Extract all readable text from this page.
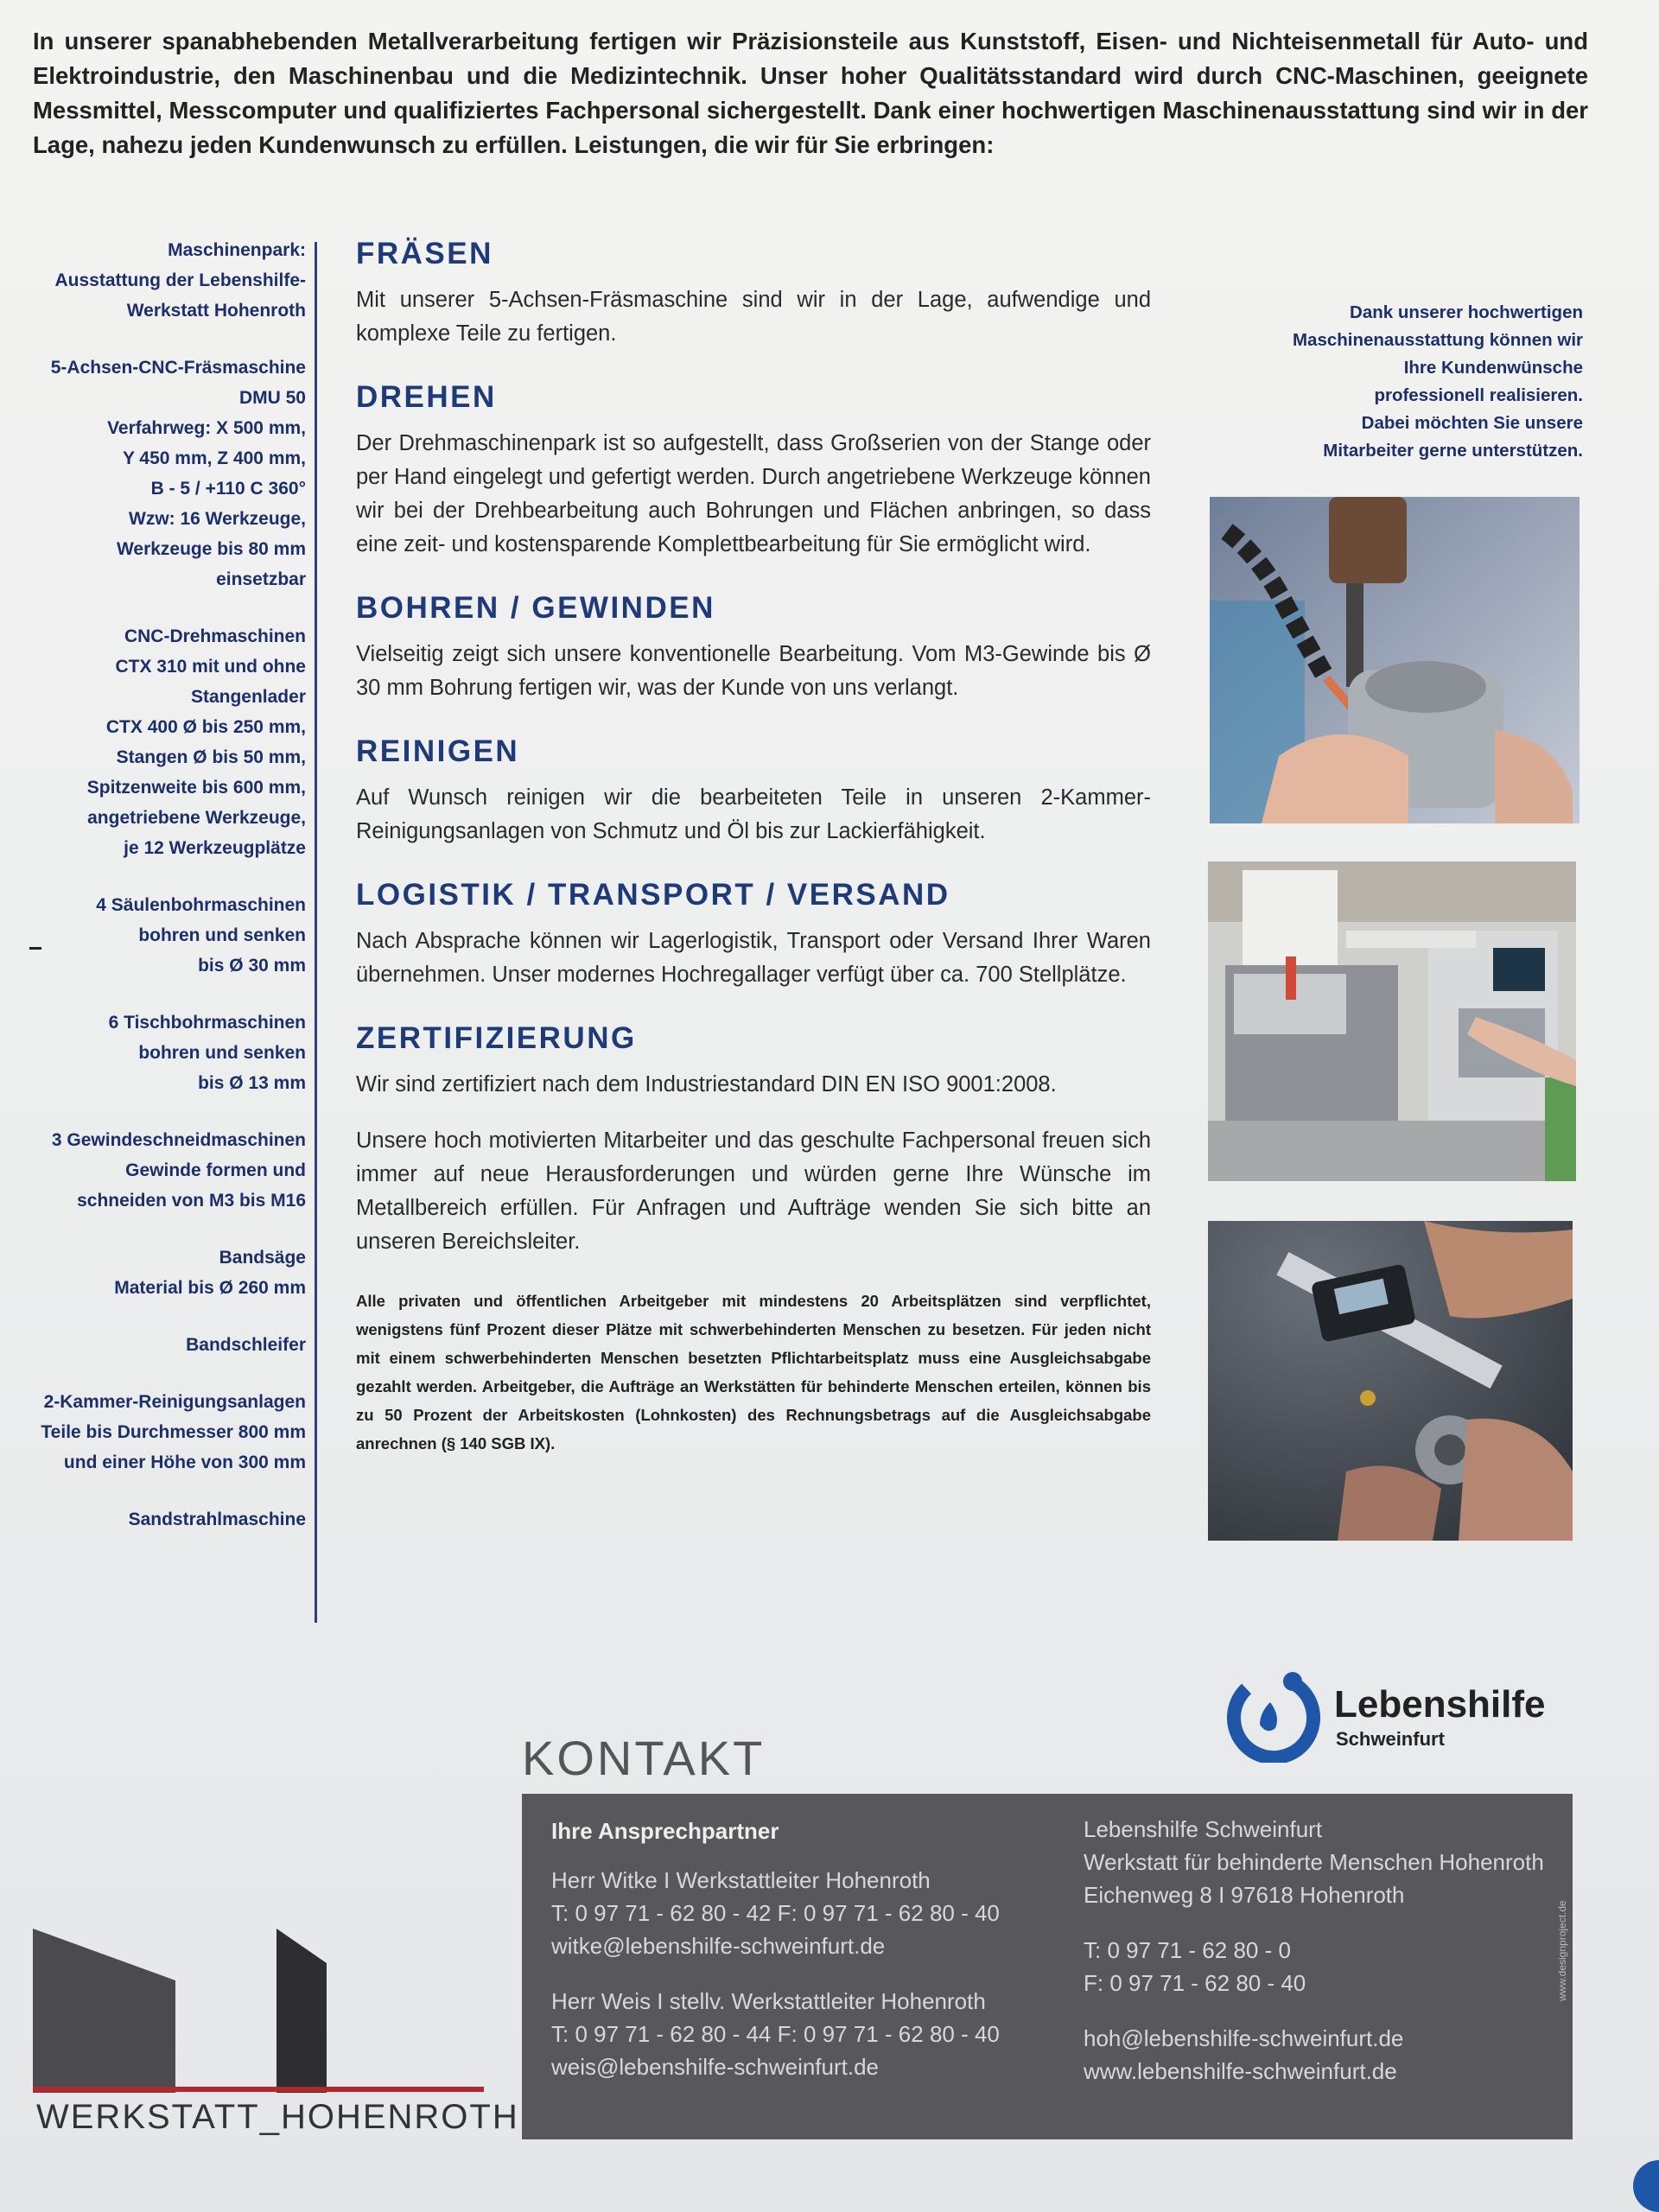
In unserer spanabhebenden Metallverarbeitung fertigen wir Präzisionsteile aus Kunststoff, Eisen- und Nichteisenmetall für Auto- und Elektroindustrie, den Maschinenbau und die Medizintechnik. Unser hoher Qualitätsstandard wird durch CNC-Maschinen, geeignete Messmittel, Messcomputer und qualifiziertes Fachpersonal sichergestellt. Dank einer hochwertigen Maschinenausstattung sind wir in der Lage, nahezu jeden Kundenwunsch zu erfüllen. Leistungen, die wir für Sie erbringen:
Maschinenpark:
Ausstattung der Lebenshilfe-
Werkstatt Hohenroth
5-Achsen-CNC-Fräsmaschine
DMU 50
Verfahrweg: X 500 mm,
Y 450 mm, Z 400 mm,
B - 5 / +110 C 360°
Wzw: 16 Werkzeuge,
Werkzeuge bis 80 mm
einsetzbar
CNC-Drehmaschinen
CTX 310 mit und ohne
Stangenlader
CTX 400 Ø bis 250 mm,
Stangen Ø bis 50 mm,
Spitzenweite bis 600 mm,
angetriebene Werkzeuge,
je 12 Werkzeugplätze
4 Säulenbohrmaschinen
bohren und senken
bis Ø 30 mm
6 Tischbohrmaschinen
bohren und senken
bis Ø 13 mm
3 Gewindeschneidmaschinen
Gewinde formen und
schneiden von M3 bis M16
Bandsäge
Material bis Ø 260 mm
Bandschleifer
2-Kammer-Reinigungsanlagen
Teile bis Durchmesser 800 mm
und einer Höhe von 300 mm
Sandstrahlmaschine
FRÄSEN

Mit unserer 5-Achsen-Fräsmaschine sind wir in der Lage, aufwendige und komplexe Teile zu fertigen.

DREHEN

Der Drehmaschinenpark ist so aufgestellt, dass Großserien von der Stange oder per Hand eingelegt und gefertigt werden. Durch angetriebene Werkzeuge können wir bei der Drehbearbeitung auch Bohrungen und Flächen anbringen, so dass eine zeit- und kostensparende Komplettbearbeitung für Sie ermöglicht wird.

BOHREN / GEWINDEN

Vielseitig zeigt sich unsere konventionelle Bearbeitung. Vom M3-Gewinde bis Ø 30 mm Bohrung fertigen wir, was der Kunde von uns verlangt.

REINIGEN

Auf Wunsch reinigen wir die bearbeiteten Teile in unseren 2-Kammer-Reinigungsanlagen von Schmutz und Öl bis zur Lackierfähigkeit.

LOGISTIK / TRANSPORT / VERSAND

Nach Absprache können wir Lagerlogistik, Transport oder Versand Ihrer Waren übernehmen. Unser modernes Hochregallager verfügt über ca. 700 Stellplätze.

ZERTIFIZIERUNG

Wir sind zertifiziert nach dem Industriestandard DIN EN ISO 9001:2008.

Unsere hoch motivierten Mitarbeiter und das geschulte Fachpersonal freuen sich immer auf neue Herausforderungen und würden gerne Ihre Wünsche im Metallbereich erfüllen. Für Anfragen und Aufträge wenden Sie sich bitte an unseren Bereichsleiter.

Alle privaten und öffentlichen Arbeitgeber mit mindestens 20 Arbeitsplätzen sind verpflichtet, wenigstens fünf Prozent dieser Plätze mit schwerbehinderten Menschen zu besetzen. Für jeden nicht mit einem schwerbehinderten Menschen besetzten Pflichtarbeitsplatz muss eine Ausgleichsabgabe gezahlt werden. Arbeitgeber, die Aufträge an Werkstätten für behinderte Menschen erteilen, können bis zu 50 Prozent der Arbeitskosten (Lohnkosten) des Rechnungsbetrags auf die Ausgleichsabgabe anrechnen (§ 140 SGB IX).
Dank unserer hochwertigen
Maschinenausstattung können wir
Ihre Kundenwünsche
professionell realisieren.
Dabei möchten Sie unsere
Mitarbeiter gerne unterstützen.
Lebenshilfe
Schweinfurt
KONTAKT
Ihre Ansprechpartner
Herr Witke I Werkstattleiter Hohenroth
T: 0 97 71 - 62 80 - 42 F: 0 97 71 - 62 80 - 40
witke@lebenshilfe-schweinfurt.de
Herr Weis I stellv. Werkstattleiter Hohenroth
T: 0 97 71 - 62 80 - 44 F: 0 97 71 - 62 80 - 40
weis@lebenshilfe-schweinfurt.de
Lebenshilfe Schweinfurt
Werkstatt für behinderte Menschen Hohenroth
Eichenweg 8 I 97618 Hohenroth
T: 0 97 71 - 62 80 - 0
F: 0 97 71 - 62 80 - 40
hoh@lebenshilfe-schweinfurt.de
www.lebenshilfe-schweinfurt.de
www.designproject.de
WERKSTATT_HOHENROTH
